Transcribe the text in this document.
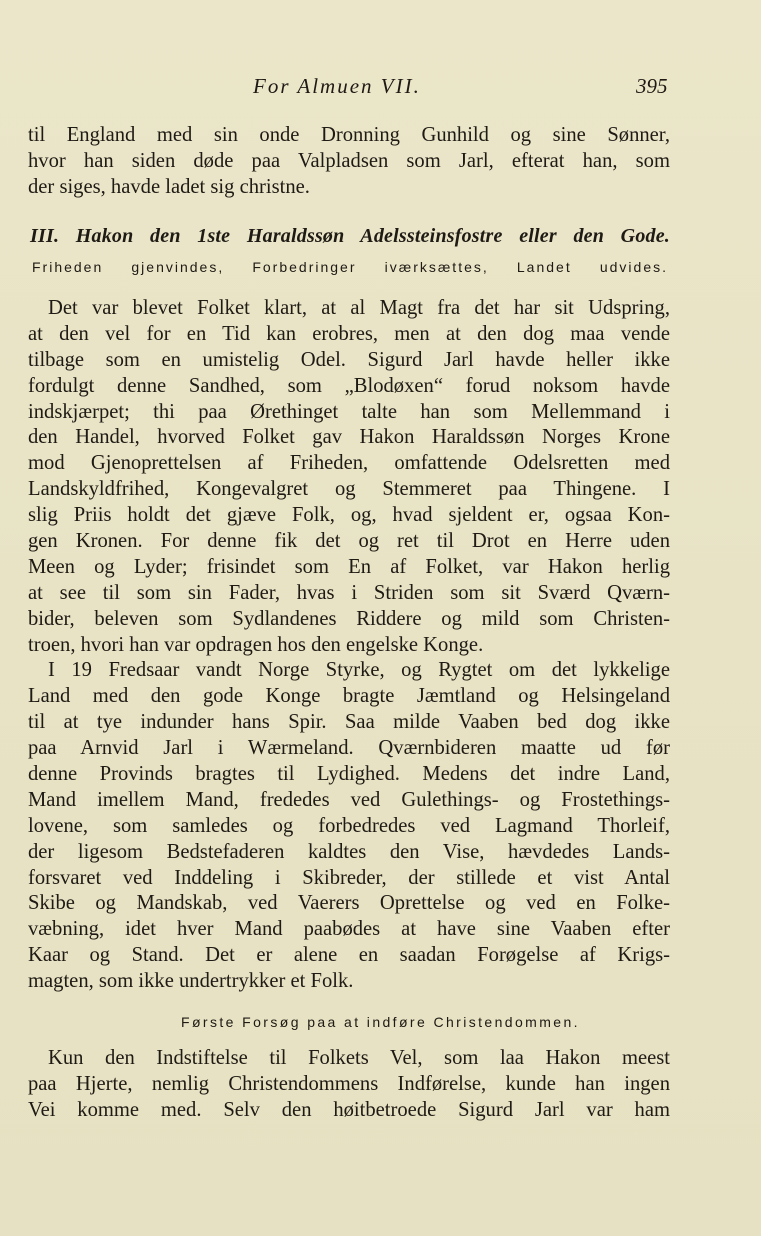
For Almuen VII.	395
til England med sin onde Dronning Gunhild og sine Sønner,
hvor han siden døde paa Valpladsen som Jarl, efterat han, som
der siges, havde ladet sig christne.
III. Hakon den 1ste Haraldssøn Adelssteinsfostre eller den Gode.
Friheden gjenvindes, Forbedringer iværksættes, Landet udvides.
Det var blevet Folket klart, at al Magt fra det har sit Udspring,
at den vel for en Tid kan erobres, men at den dog maa vende
tilbage som en umistelig Odel. Sigurd Jarl havde heller ikke
fordulgt denne Sandhed, som „Blodøxen“ forud noksom havde
indskjærpet; thi paa Ørethinget talte han som Mellemmand i
den Handel, hvorved Folket gav Hakon Haraldssøn Norges Krone
mod Gjenoprettelsen af Friheden, omfattende Odelsretten med
Landskyldfrihed, Kongevalgret og Stemmeret paa Thingene. I
slig Priis holdt det gjæve Folk, og, hvad sjeldent er, ogsaa Kon-
gen Kronen. For denne fik det og ret til Drot en Herre uden
Meen og Lyder; frisindet som En af Folket, var Hakon herlig
at see til som sin Fader, hvas i Striden som sit Sværd Qværn-
bider, beleven som Sydlandenes Riddere og mild som Christen-
troen, hvori han var opdragen hos den engelske Konge.
I 19 Fredsaar vandt Norge Styrke, og Rygtet om det lykkelige
Land med den gode Konge bragte Jæmtland og Helsingeland
til at tye indunder hans Spir. Saa milde Vaaben bed dog ikke
paa Arnvid Jarl i Wærmeland. Qværnbideren maatte ud før
denne Provinds bragtes til Lydighed. Medens det indre Land,
Mand imellem Mand, frededes ved Gulethings- og Frostethings-
lovene, som samledes og forbedredes ved Lagmand Thorleif,
der ligesom Bedstefaderen kaldtes den Vise, hævdedes Lands-
forsvaret ved Inddeling i Skibreder, der stillede et vist Antal
Skibe og Mandskab, ved Vaerers Oprettelse og ved en Folke-
væbning, idet hver Mand paabødes at have sine Vaaben efter
Kaar og Stand. Det er alene en saadan Forøgelse af Krigs-
magten, som ikke undertrykker et Folk.
Første Forsøg paa at indføre Christendommen.
Kun den Indstiftelse til Folkets Vel, som laa Hakon meest
paa Hjerte, nemlig Christendommens Indførelse, kunde han ingen
Vei komme med. Selv den høitbetroede Sigurd Jarl var ham
